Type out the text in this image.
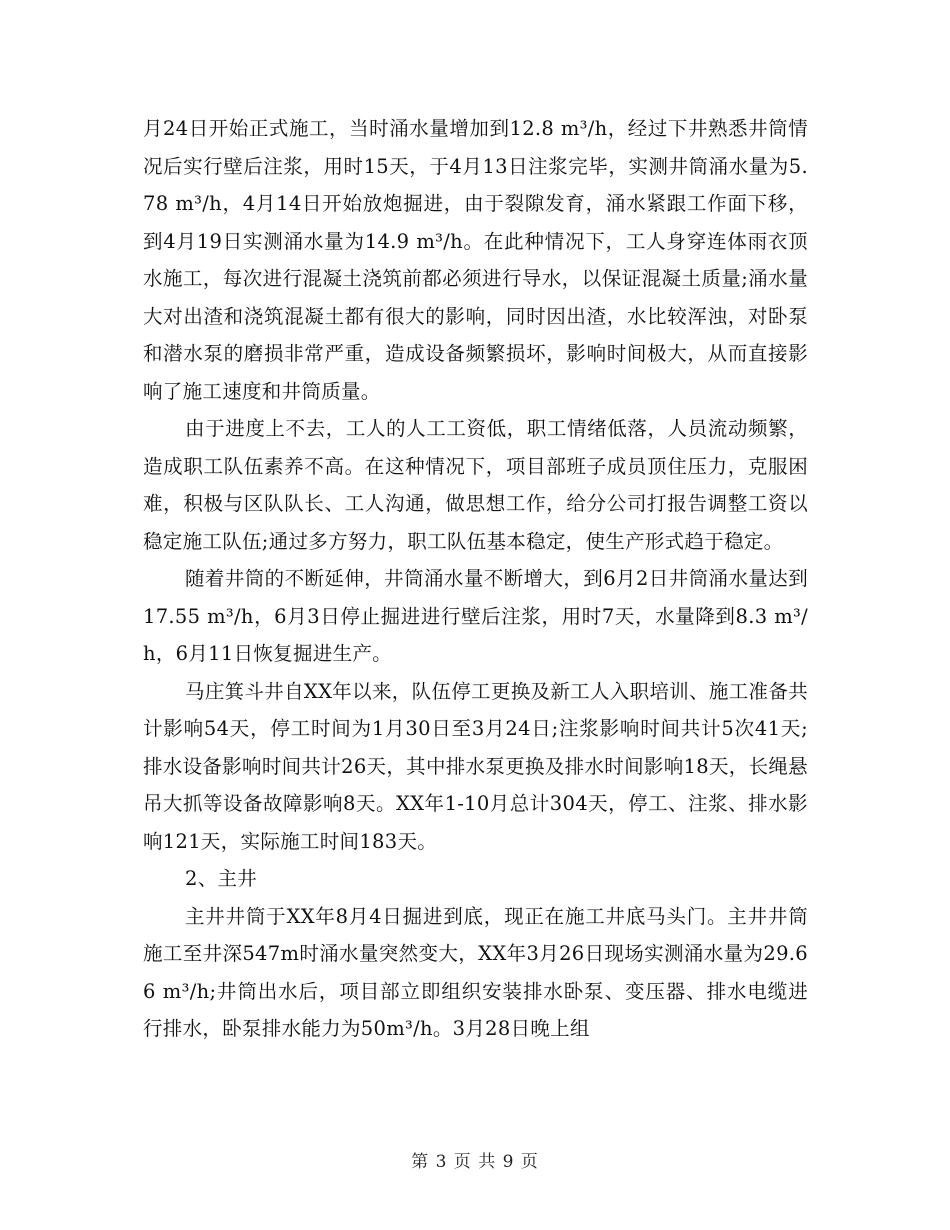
月24日开始正式施工，当时涌水量增加到12.8 m³/h，经过下井熟悉井筒情况后实行壁后注浆，用时15天，于4月13日注浆完毕，实测井筒涌水量为5.78 m³/h，4月14日开始放炮掘进，由于裂隙发育，涌水紧跟工作面下移，到4月19日实测涌水量为14.9 m³/h。在此种情况下，工人身穿连体雨衣顶水施工，每次进行混凝土浇筑前都必须进行导水，以保证混凝土质量;涌水量大对出渣和浇筑混凝土都有很大的影响，同时因出渣，水比较浑浊，对卧泵和潜水泵的磨损非常严重，造成设备频繁损坏，影响时间极大，从而直接影响了施工速度和井筒质量。

由于进度上不去，工人的人工工资低，职工情绪低落，人员流动频繁，造成职工队伍素养不高。在这种情况下，项目部班子成员顶住压力，克服困难，积极与区队队长、工人沟通，做思想工作，给分公司打报告调整工资以稳定施工队伍;通过多方努力，职工队伍基本稳定，使生产形式趋于稳定。

随着井筒的不断延伸，井筒涌水量不断增大，到6月2日井筒涌水量达到17.55 m³/h，6月3日停止掘进进行壁后注浆，用时7天，水量降到8.3 m³/h，6月11日恢复掘进生产。

马庄箕斗井自XX年以来，队伍停工更换及新工人入职培训、施工准备共计影响54天，停工时间为1月30日至3月24日;注浆影响时间共计5次41天;排水设备影响时间共计26天，其中排水泵更换及排水时间影响18天，长绳悬吊大抓等设备故障影响8天。XX年1-10月总计304天，停工、注浆、排水影响121天，实际施工时间183天。

2、主井

主井井筒于XX年8月4日掘进到底，现正在施工井底马头门。主井井筒施工至井深547m时涌水量突然变大，XX年3月26日现场实测涌水量为29.66 m³/h;井筒出水后，项目部立即组织安装排水卧泵、变压器、排水电缆进行排水，卧泵排水能力为50m³/h。3月28日晚上组

第 3 页 共 9 页
